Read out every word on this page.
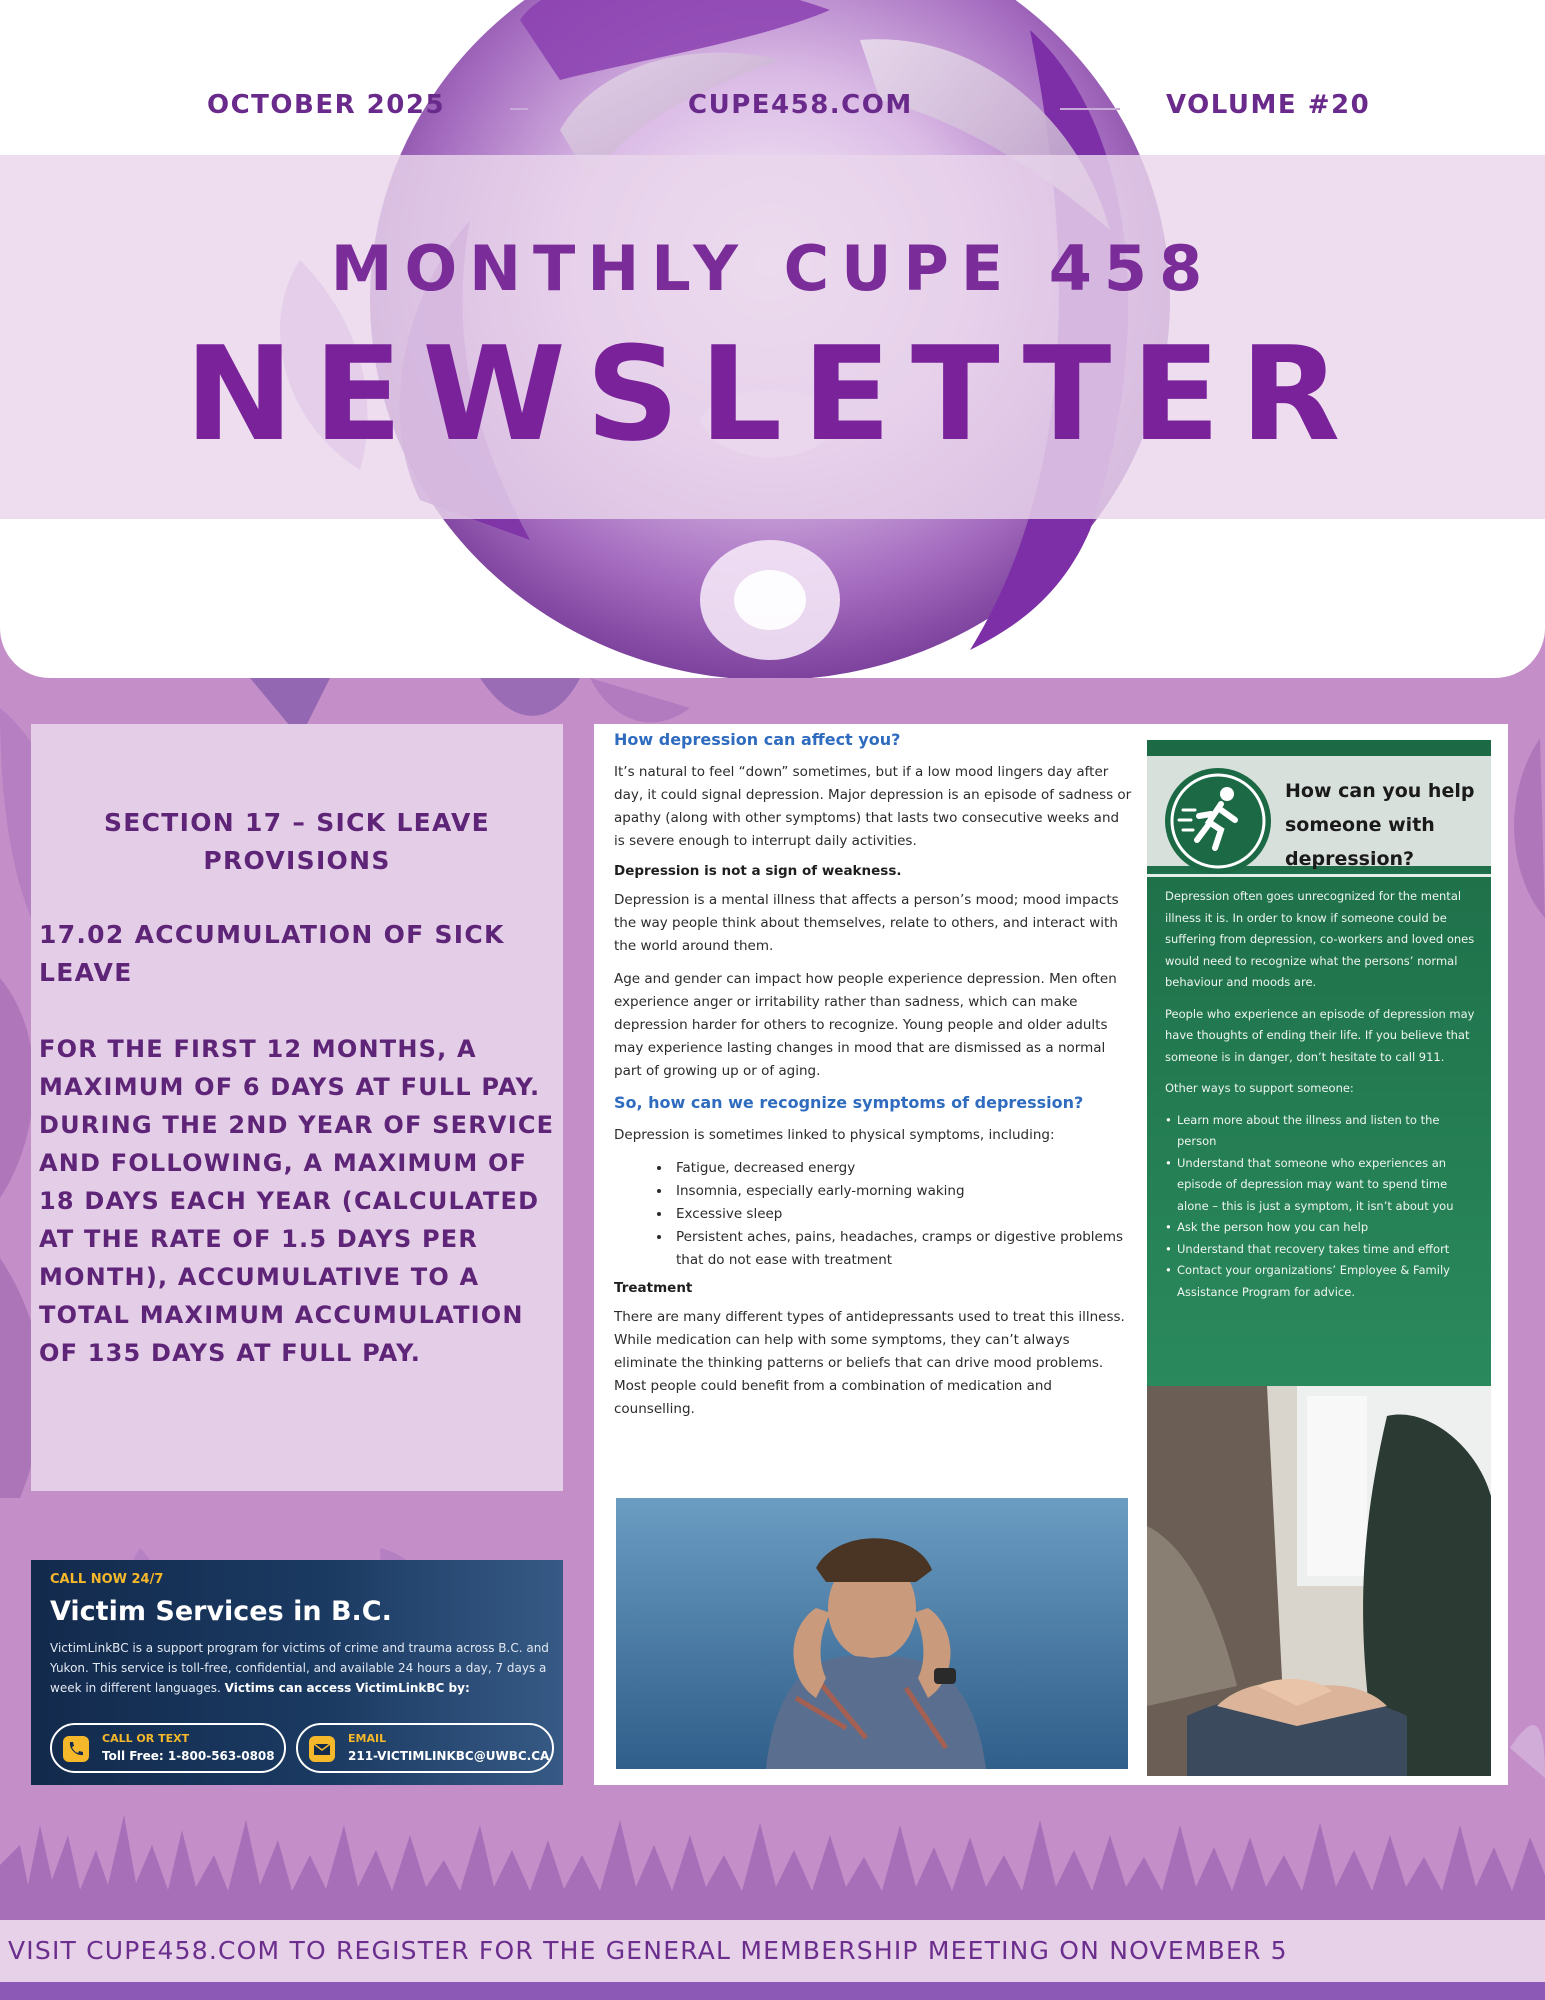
OCTOBER 2025	CUPE458.COM	VOLUME #20
MONTHLY CUPE 458
NEWSLETTER
SECTION 17 – SICK LEAVE PROVISIONS
17.02 ACCUMULATION OF SICK LEAVE
FOR THE FIRST 12 MONTHS, A MAXIMUM OF 6 DAYS AT FULL PAY. DURING THE 2ND YEAR OF SERVICE AND FOLLOWING, A MAXIMUM OF 18 DAYS EACH YEAR (CALCULATED AT THE RATE OF 1.5 DAYS PER MONTH), ACCUMULATIVE TO A TOTAL MAXIMUM ACCUMULATION OF 135 DAYS AT FULL PAY.
CALL NOW 24/7
Victim Services in B.C.
VictimLinkBC is a support program for victims of crime and trauma across B.C. and Yukon. This service is toll-free, confidential, and available 24 hours a day, 7 days a week in different languages. Victims can access VictimLinkBC by:
CALL OR TEXT
Toll Free: 1-800-563-0808
EMAIL
211-VICTIMLINKBC@UWBC.CA
How depression can affect you?
It’s natural to feel “down” sometimes, but if a low mood lingers day after day, it could signal depression. Major depression is an episode of sadness or apathy (along with other symptoms) that lasts two consecutive weeks and is severe enough to interrupt daily activities.
Depression is not a sign of weakness.
Depression is a mental illness that affects a person’s mood; mood impacts the way people think about themselves, relate to others, and interact with the world around them.
Age and gender can impact how people experience depression. Men often experience anger or irritability rather than sadness, which can make depression harder for others to recognize. Young people and older adults may experience lasting changes in mood that are dismissed as a normal part of growing up or of aging.
So, how can we recognize symptoms of depression?
Depression is sometimes linked to physical symptoms, including:
• Fatigue, decreased energy
• Insomnia, especially early-morning waking
• Excessive sleep
• Persistent aches, pains, headaches, cramps or digestive problems that do not ease with treatment
Treatment
There are many different types of antidepressants used to treat this illness. While medication can help with some symptoms, they can’t always eliminate the thinking patterns or beliefs that can drive mood problems. Most people could benefit from a combination of medication and counselling.
How can you help someone with depression?
Depression often goes unrecognized for the mental illness it is. In order to know if someone could be suffering from depression, co-workers and loved ones would need to recognize what the persons’ normal behaviour and moods are.
People who experience an episode of depression may have thoughts of ending their life. If you believe that someone is in danger, don’t hesitate to call 911.
Other ways to support someone:
• Learn more about the illness and listen to the person
• Understand that someone who experiences an episode of depression may want to spend time alone – this is just a symptom, it isn’t about you
• Ask the person how you can help
• Understand that recovery takes time and effort
• Contact your organizations’ Employee & Family Assistance Program for advice.
VISIT CUPE458.COM TO REGISTER FOR THE GENERAL MEMBERSHIP MEETING ON NOVEMBER 5
